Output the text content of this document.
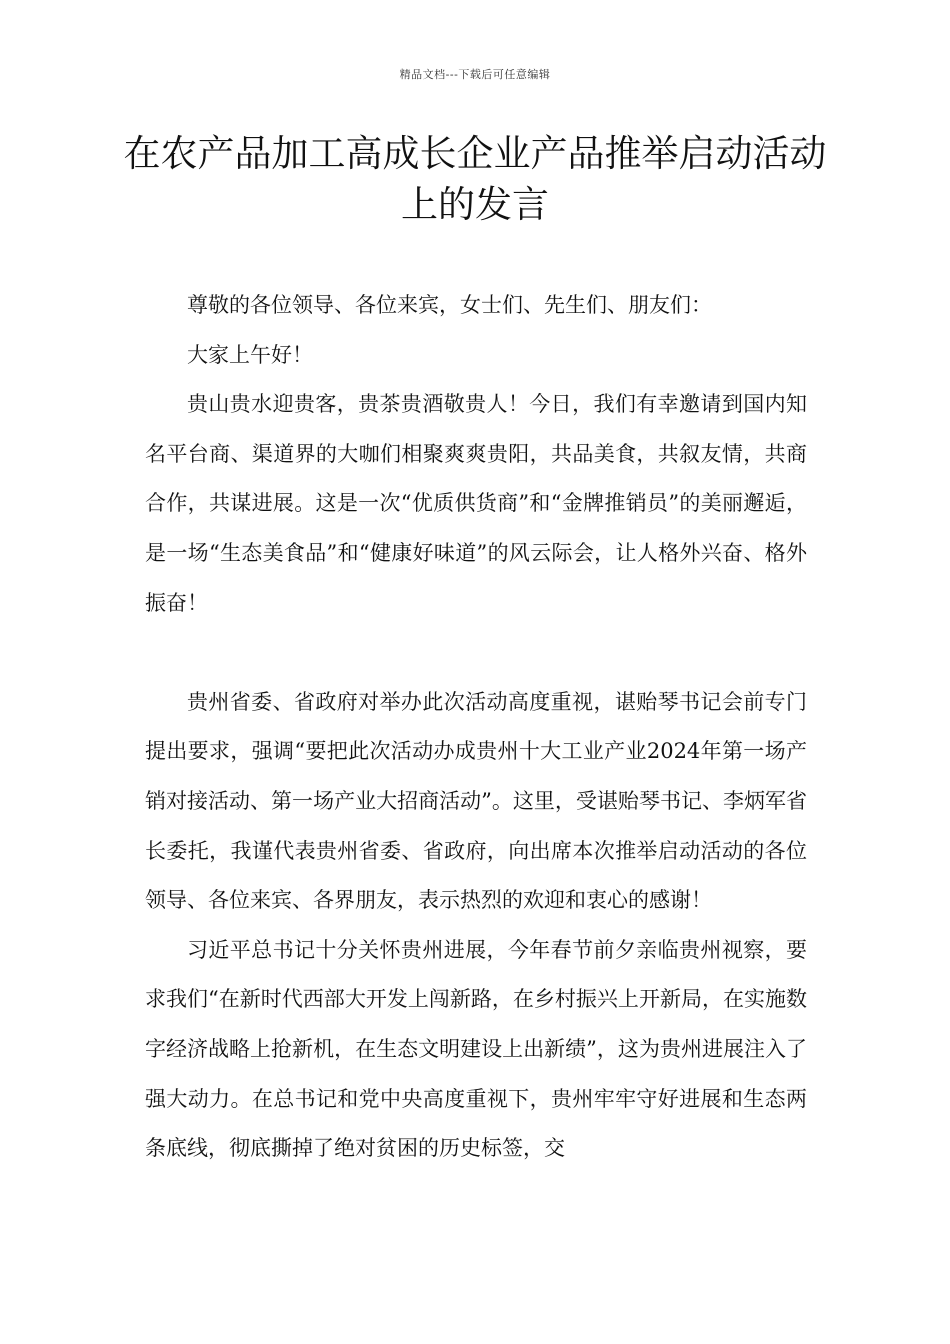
精品文档---下载后可任意编辑
在农产品加工高成长企业产品推举启动活动上的发言

尊敬的各位领导、各位来宾，女士们、先生们、朋友们：

大家上午好！

贵山贵水迎贵客，贵茶贵酒敬贵人！今日，我们有幸邀请到国内知名平台商、渠道界的大咖们相聚爽爽贵阳，共品美食，共叙友情，共商合作，共谋进展。这是一次“优质供货商”和“金牌推销员”的美丽邂逅，是一场“生态美食品”和“健康好味道”的风云际会，让人格外兴奋、格外振奋！

贵州省委、省政府对举办此次活动高度重视，谌贻琴书记会前专门提出要求，强调“要把此次活动办成贵州十大工业产业2024年第一场产销对接活动、第一场产业大招商活动”。这里，受谌贻琴书记、李炳军省长委托，我谨代表贵州省委、省政府，向出席本次推举启动活动的各位领导、各位来宾、各界朋友，表示热烈的欢迎和衷心的感谢！

习近平总书记十分关怀贵州进展，今年春节前夕亲临贵州视察，要求我们“在新时代西部大开发上闯新路，在乡村振兴上开新局，在实施数字经济战略上抢新机，在生态文明建设上出新绩”，这为贵州进展注入了强大动力。在总书记和党中央高度重视下，贵州牢牢守好进展和生态两条底线，彻底撕掉了绝对贫困的历史标签，交
